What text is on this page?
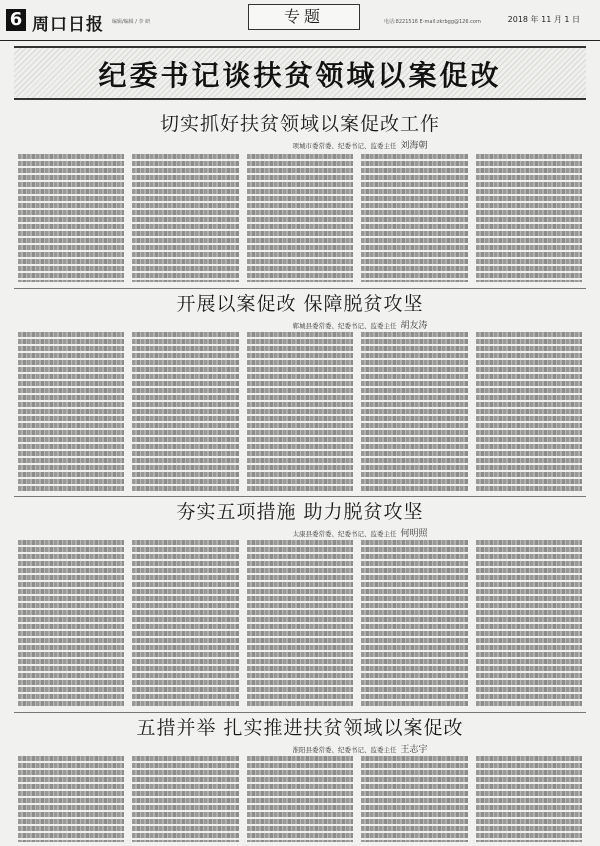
6 周口日报 编辑/编辑 / 李 研	专题	电话:8221516 E-mail:zkrbgg@126.com	2018 年 11 月 1 日
纪委书记谈扶贫领域以案促改
切实抓好扶贫领域以案促改工作
项城市委常委、纪委书记、监委主任 刘海朝
开展以案促改 保障脱贫攻坚
郸城县委常委、纪委书记、监委主任 胡友涛
夯实五项措施 助力脱贫攻坚
太康县委常委、纪委书记、监委主任 何明照
五措并举 扎实推进扶贫领域以案促改
淮阳县委常委、纪委书记、监委主任 王志宇
